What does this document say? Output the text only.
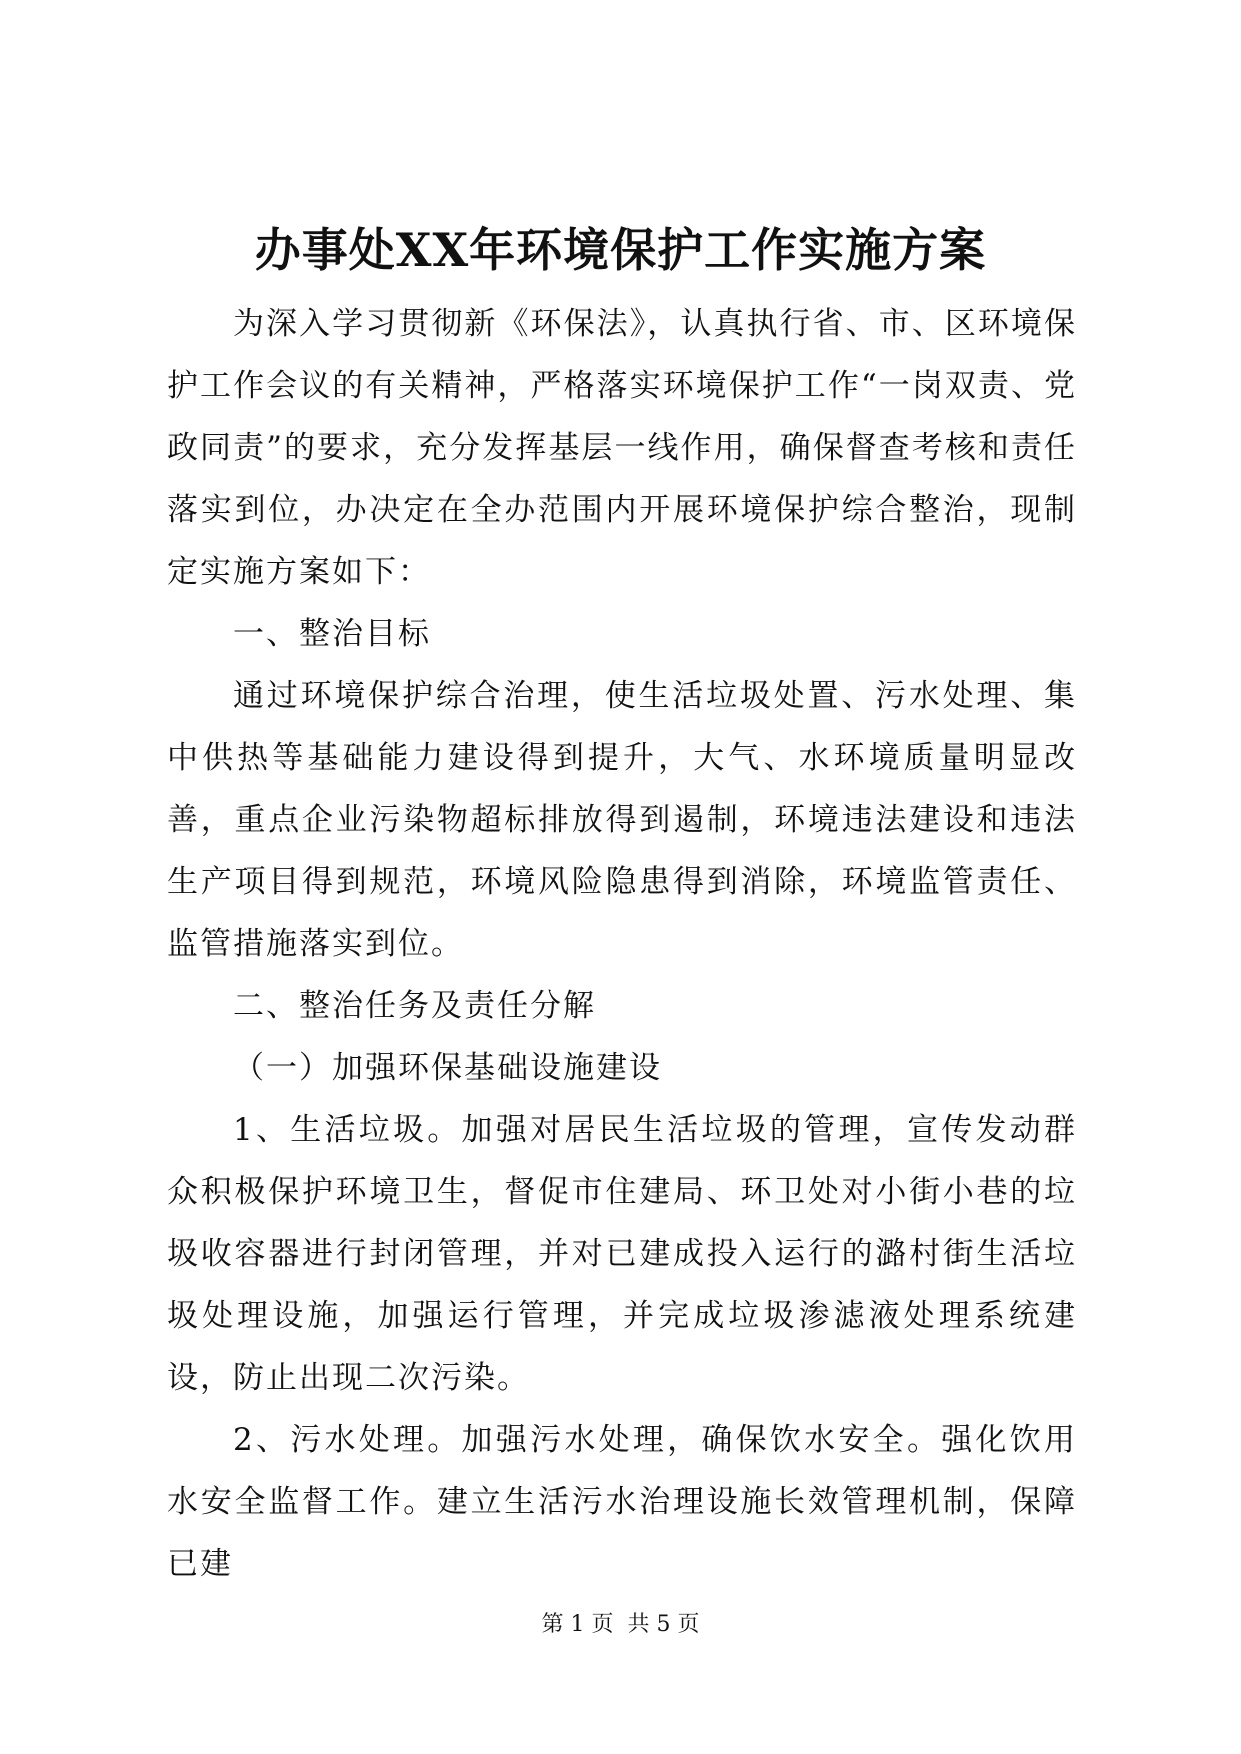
办事处XX年环境保护工作实施方案

为深入学习贯彻新《环保法》，认真执行省、市、区环境保护工作会议的有关精神，严格落实环境保护工作“一岗双责、党政同责”的要求，充分发挥基层一线作用，确保督查考核和责任落实到位，办决定在全办范围内开展环境保护综合整治，现制定实施方案如下：

一、整治目标

通过环境保护综合治理，使生活垃圾处置、污水处理、集中供热等基础能力建设得到提升，大气、水环境质量明显改善，重点企业污染物超标排放得到遏制，环境违法建设和违法生产项目得到规范，环境风险隐患得到消除，环境监管责任、监管措施落实到位。

二、整治任务及责任分解

（一）加强环保基础设施建设

1、生活垃圾。加强对居民生活垃圾的管理，宣传发动群众积极保护环境卫生，督促市住建局、环卫处对小街小巷的垃圾收容器进行封闭管理，并对已建成投入运行的潞村街生活垃圾处理设施，加强运行管理，并完成垃圾渗滤液处理系统建设，防止出现二次污染。

2、污水处理。加强污水处理，确保饮水安全。强化饮用水安全监督工作。建立生活污水治理设施长效管理机制，保障已建

第 1 页  共 5 页
